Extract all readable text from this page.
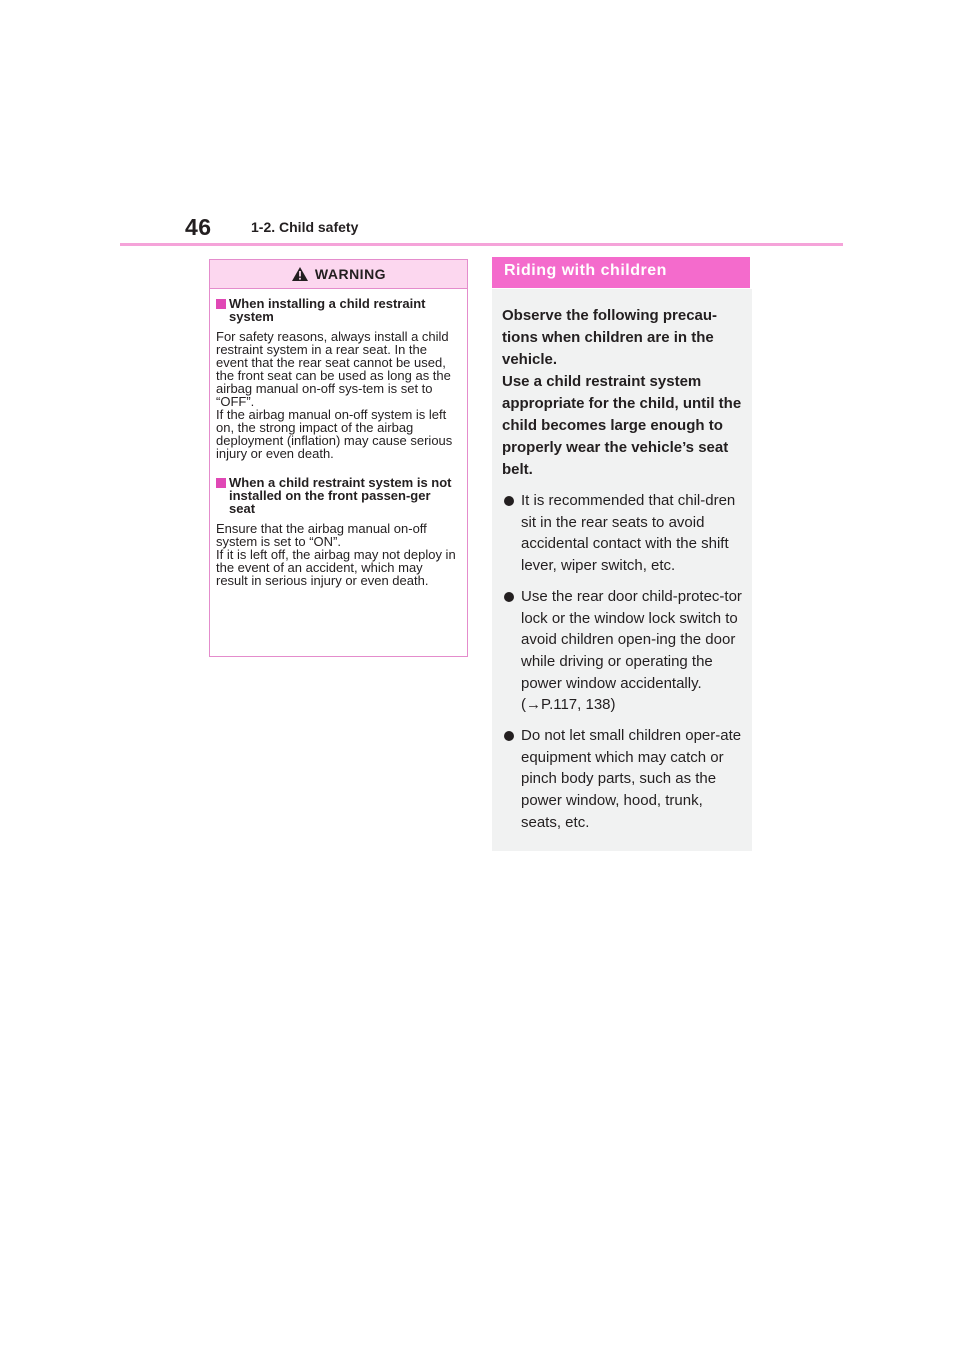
46	1-2. Child safety
WARNING
When installing a child restraint system
For safety reasons, always install a child restraint system in a rear seat. In the event that the rear seat cannot be used, the front seat can be used as long as the airbag manual on-off sys-tem is set to “OFF”.
If the airbag manual on-off system is left on, the strong impact of the airbag deployment (inflation) may cause serious injury or even death.
When a child restraint system is not installed on the front passen-ger seat
Ensure that the airbag manual on-off system is set to “ON”.
If it is left off, the airbag may not deploy in the event of an accident, which may result in serious injury or even death.
Riding with children
Observe the following precau-tions when children are in the vehicle.
Use a child restraint system appropriate for the child, until the child becomes large enough to properly wear the vehicle’s seat belt.
It is recommended that chil-dren sit in the rear seats to avoid accidental contact with the shift lever, wiper switch, etc.
Use the rear door child-protec-tor lock or the window lock switch to avoid children open-ing the door while driving or operating the power window accidentally. (→P.117, 138)
Do not let small children oper-ate equipment which may catch or pinch body parts, such as the power window, hood, trunk, seats, etc.
